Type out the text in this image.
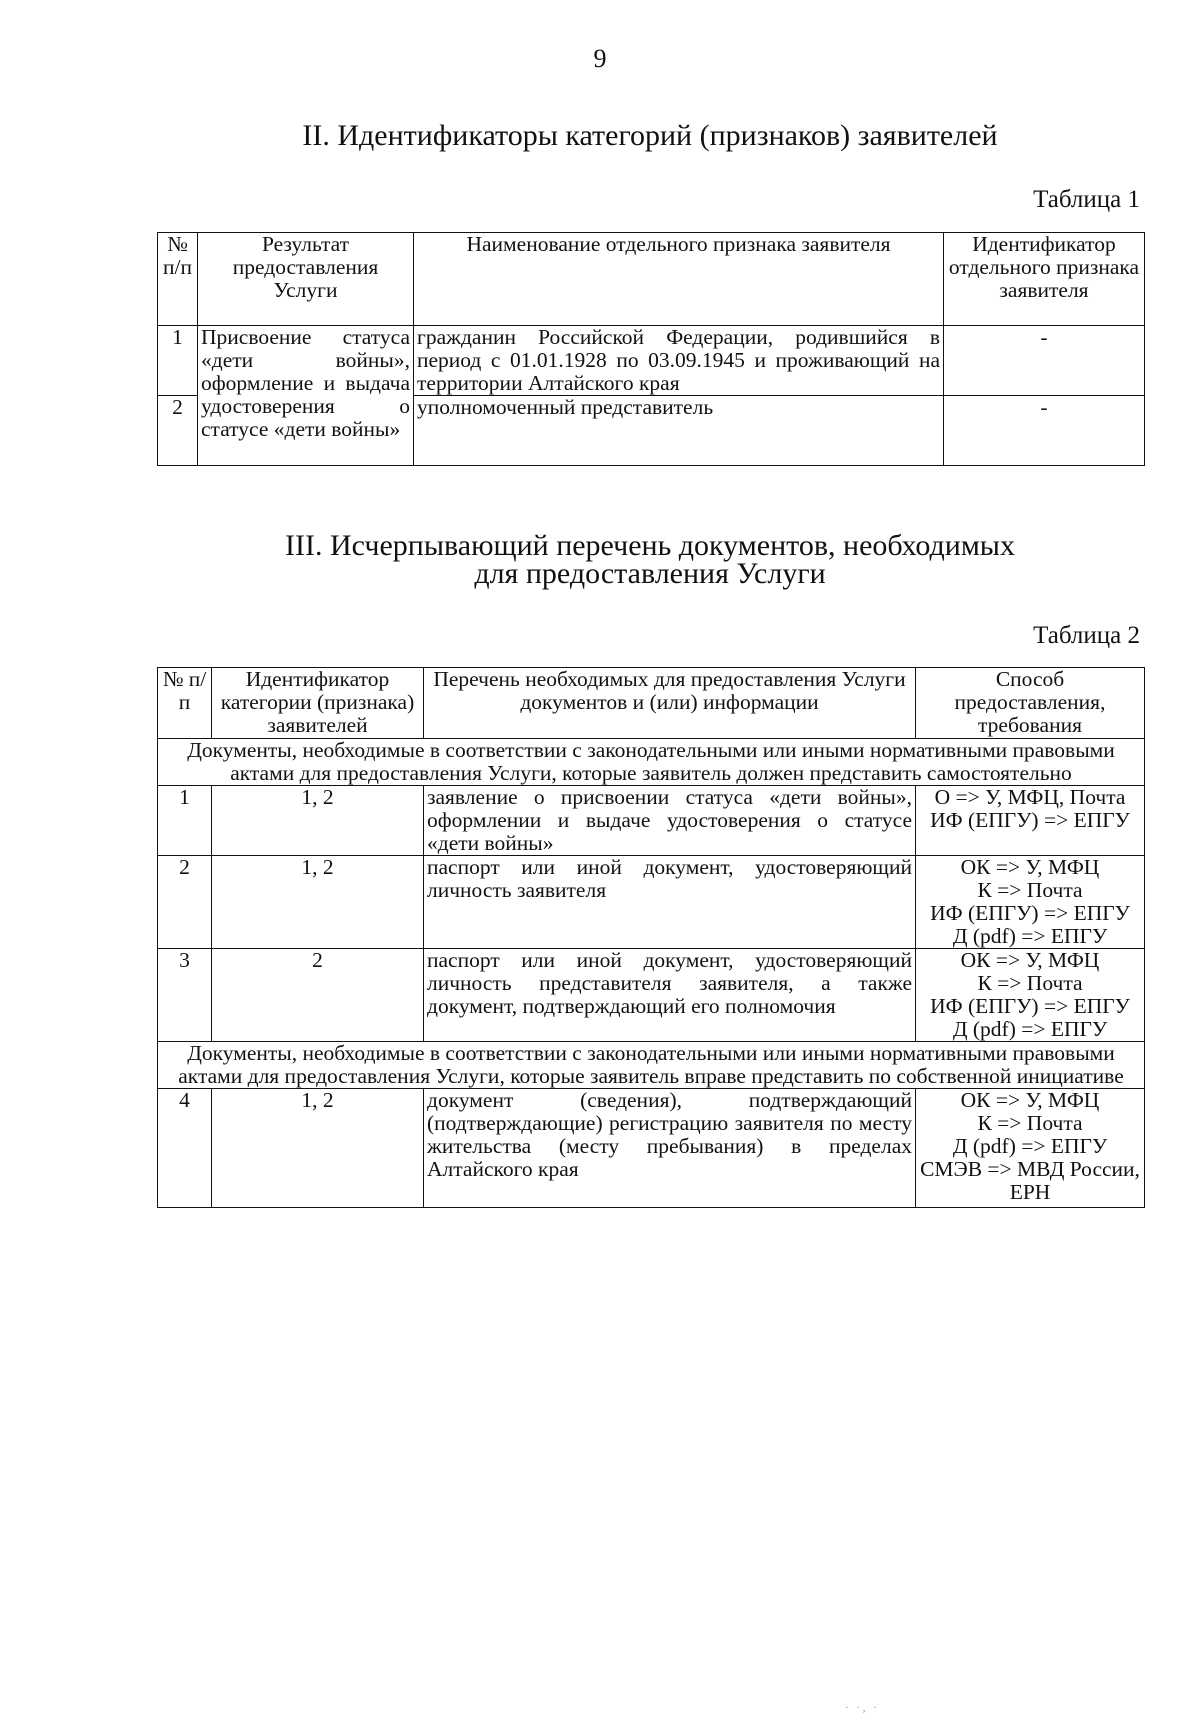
9
II. Идентификаторы категорий (признаков) заявителей
Таблица 1
№ п/п	Результат предоставления Услуги	Наименование отдельного признака заявителя	Идентификатор отдельного признака заявителя
1	Присвоение статуса «дети войны», оформление и выдача удостоверения о статусе «дети войны»	гражданин Российской Федерации, родившийся в период с 01.01.1928 по 03.09.1945 и проживающий на территории Алтайского края	-
2		уполномоченный представитель	-
III. Исчерпывающий перечень документов, необходимых
для предоставления Услуги
Таблица 2
№ п/п	Идентификатор категории (признака) заявителей	Перечень необходимых для предоставления Услуги документов и (или) информации	Способ предоставления, требования
Документы, необходимые в соответствии с законодательными или иными нормативными правовыми актами для предоставления Услуги, которые заявитель должен представить самостоятельно			
1	1, 2	заявление о присвоении статуса «дети войны», оформлении и выдаче удостоверения о статусе «дети войны»	О => У, МФЦ, Почта
ИФ (ЕПГУ) => ЕПГУ

2	1, 2	паспорт или иной документ, удостоверяющий личность заявителя	ОК => У, МФЦ
К => Почта
ИФ (ЕПГУ) => ЕПГУ
Д (pdf) => ЕПГУ

3	2	паспорт или иной документ, удостоверяющий личность представителя заявителя, а также документ, подтверждающий его полномочия	ОК => У, МФЦ
К => Почта
ИФ (ЕПГУ) => ЕПГУ
Д (pdf) => ЕПГУ

Документы, необходимые в соответствии с законодательными или иными нормативными правовыми актами для предоставления Услуги, которые заявитель вправе представить по собственной инициативе			
4	1, 2	документ (сведения), подтверждающий (подтверждающие) регистрацию заявителя по месту жительства (месту пребывания) в пределах Алтайского края	ОК => У, МФЦ
К => Почта
Д (pdf) => ЕПГУ
СМЭВ => МВД России, ЕРН
· ·‚ ·
